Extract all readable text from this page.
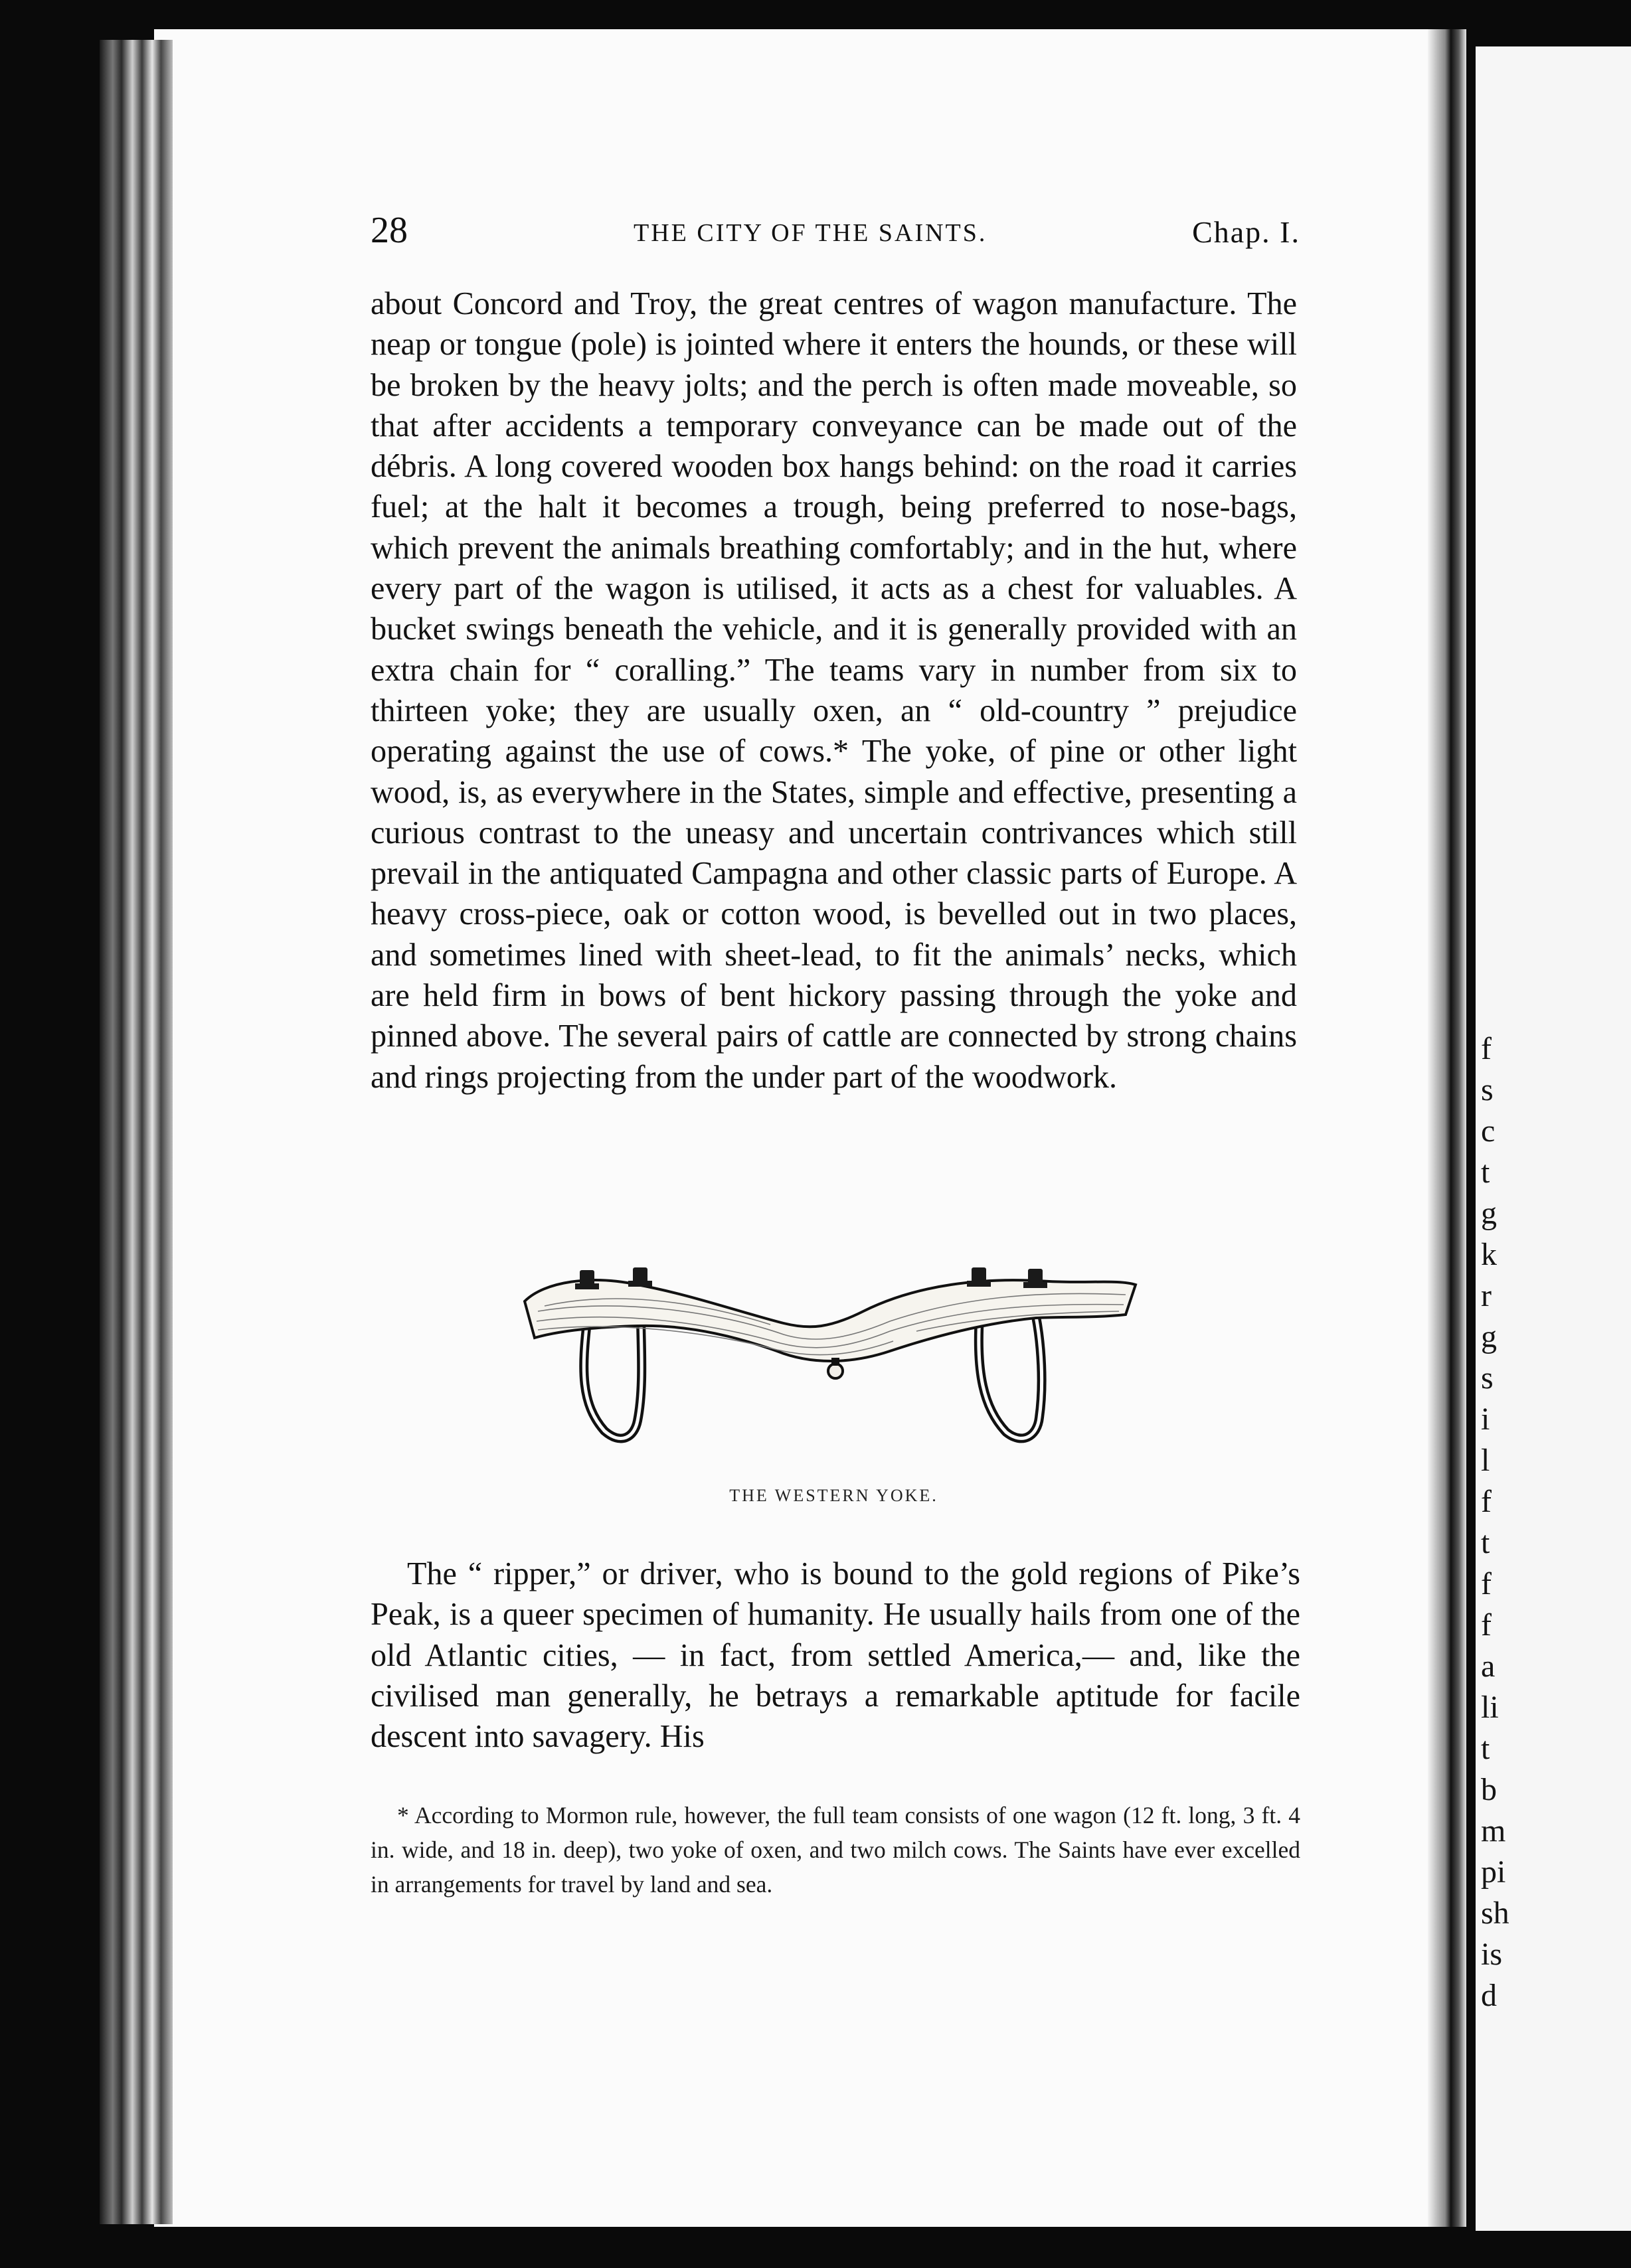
f
s
c
t
g
k
r
g
s
i
l
f
t
f
f
a
li
t
b
m
pi
sh
is
d
28	THE CITY OF THE SAINTS.	Chap. I.

about Concord and Troy, the great centres of wagon manufacture. The neap or tongue (pole) is jointed where it enters the hounds, or these will be broken by the heavy jolts; and the perch is often made moveable, so that after accidents a temporary conveyance can be made out of the débris. A long covered wooden box hangs behind: on the road it carries fuel; at the halt it becomes a trough, being preferred to nose-bags, which prevent the animals breathing comfortably; and in the hut, where every part of the wagon is utilised, it acts as a chest for valuables. A bucket swings beneath the vehicle, and it is generally provided with an extra chain for “ coralling.” The teams vary in number from six to thirteen yoke; they are usually oxen, an “ old-country ” prejudice operating against the use of cows.* The yoke, of pine or other light wood, is, as everywhere in the States, simple and effective, presenting a curious contrast to the uneasy and uncertain contrivances which still prevail in the antiquated Campagna and other classic parts of Europe. A heavy cross-piece, oak or cotton wood, is bevelled out in two places, and sometimes lined with sheet-lead, to fit the animals’ necks, which are held firm in bows of bent hickory passing through the yoke and pinned above. The several pairs of cattle are connected by strong chains and rings projecting from the under part of the woodwork.

THE WESTERN YOKE.

The “ ripper,” or driver, who is bound to the gold regions of Pike’s Peak, is a queer specimen of humanity. He usually hails from one of the old Atlantic cities, — in fact, from settled America,— and, like the civilised man generally, he betrays a remarkable aptitude for facile descent into savagery. His

* According to Mormon rule, however, the full team consists of one wagon (12 ft. long, 3 ft. 4 in. wide, and 18 in. deep), two yoke of oxen, and two milch cows. The Saints have ever excelled in arrangements for travel by land and sea.
